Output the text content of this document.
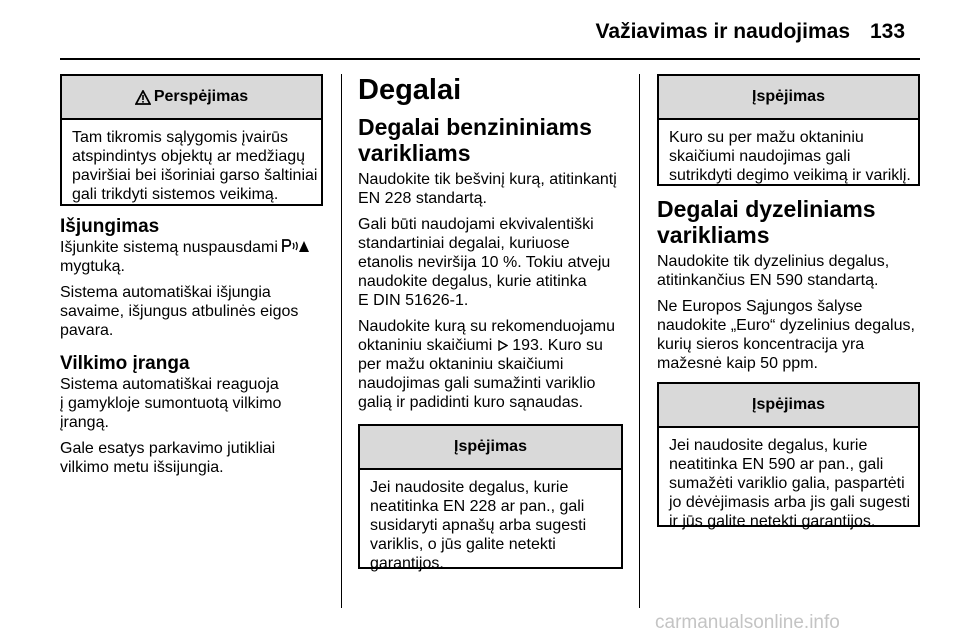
Važiavimas ir naudojimas 133
Perspėjimas
Tam tikromis sąlygomis įvairūs
atspindintys objektų ar medžiagų
paviršiai bei išoriniai garso šaltiniai
gali trikdyti sistemos veikimą.
Išjungimas

Išjunkite sistemą nuspausdami
mygtuką.

Sistema automatiškai išjungia
savaime, išjungus atbulinės eigos
pavara.

Vilkimo įranga

Sistema automatiškai reaguoja
į gamykloje sumontuotą vilkimo
įrangą.

Gale esatys parkavimo jutikliai
vilkimo metu išsijungia.

Degalai
Degalai benzininiams
varikliams

Naudokite tik bešvinį kurą, atitinkantį
EN 228 standartą.

Gali būti naudojami ekvivalentiški
standartiniai degalai, kuriuose
etanolis neviršija 10 %. Tokiu atveju
naudokite degalus, kurie atitinka
E DIN 51626-1.

Naudokite kurą su rekomenduojamu
oktaniniu skaičiumi 193. Kuro su
per mažu oktaniniu skaičiumi
naudojimas gali sumažinti variklio
galią ir padidinti kuro sąnaudas.

Įspėjimas
Jei naudosite degalus, kurie
neatitinka EN 228 ar pan., gali
susidaryti apnašų arba sugesti
variklis, o jūs galite netekti
garantijos.
Įspėjimas
Kuro su per mažu oktaniniu
skaičiumi naudojimas gali
sutrikdyti degimo veikimą ir variklį.
Degalai dyzeliniams
varikliams

Naudokite tik dyzelinius degalus,
atitinkančius EN 590 standartą.

Ne Europos Sąjungos šalyse
naudokite „Euro“ dyzelinius degalus,
kurių sieros koncentracija yra
mažesnė kaip 50 ppm.

Įspėjimas
Jei naudosite degalus, kurie
neatitinka EN 590 ar pan., gali
sumažėti variklio galia, paspartėti
jo dėvėjimasis arba jis gali sugesti
ir jūs galite netekti garantijos.
carmanualsonline.info
